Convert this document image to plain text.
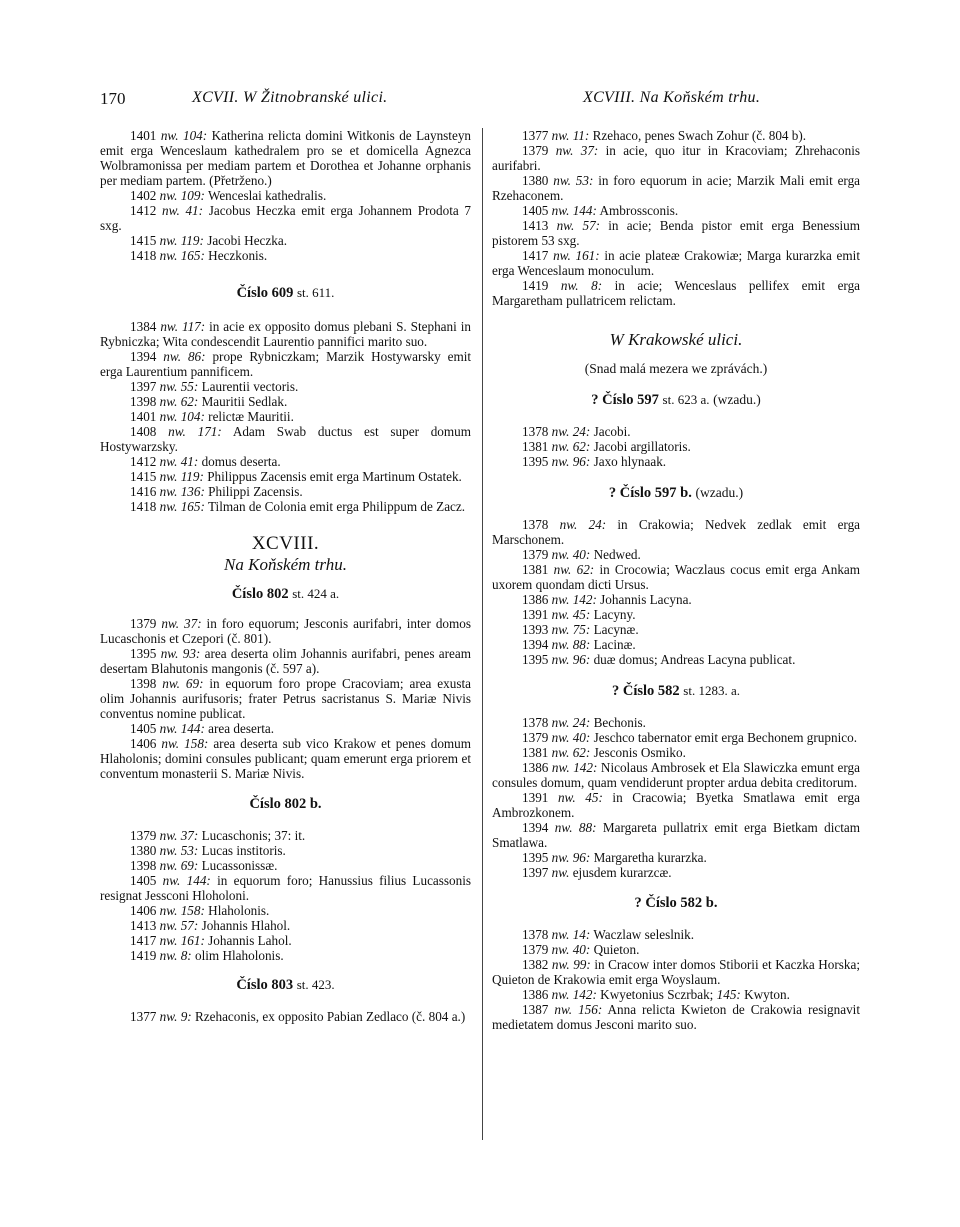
170	XCVII. W Žitnobranské ulici.	XCVIII. Na Koňském trhu.

1401 nw. 104: Katherina relicta domini Witkonis de Laynsteyn emit erga Wenceslaum kathedralem pro se et domicella Agnezca Wolbramonissa per mediam partem et Dorothea et Johanne orphanis per mediam partem. (Přetrženo.)

1402 nw. 109: Wenceslai kathedralis.

1412 nw. 41: Jacobus Heczka emit erga Johannem Prodota 7 sxg.

1415 nw. 119: Jacobi Heczka.

1418 nw. 165: Heczkonis.

Číslo 609 st. 611.

1384 nw. 117: in acie ex opposito domus plebani S. Stephani in Rybniczka; Wita condescendit Laurentio pannifici marito suo.

1394 nw. 86: prope Rybniczkam; Marzik Hostywarsky emit erga Laurentium pannificem.

1397 nw. 55: Laurentii vectoris.

1398 nw. 62: Mauritii Sedlak.

1401 nw. 104: relictæ Mauritii.

1408 nw. 171: Adam Swab ductus est super domum Hostywarzsky.

1412 nw. 41: domus deserta.

1415 nw. 119: Philippus Zacensis emit erga Martinum Ostatek.

1416 nw. 136: Philippi Zacensis.

1418 nw. 165: Tilman de Colonia emit erga Philippum de Zacz.

XCVIII.

Na Koňském trhu.

Číslo 802 st. 424 a.

1379 nw. 37: in foro equorum; Jesconis aurifabri, inter domos Lucaschonis et Czepori (č. 801).

1395 nw. 93: area deserta olim Johannis aurifabri, penes aream desertam Blahutonis mangonis (č. 597 a).

1398 nw. 69: in equorum foro prope Cracoviam; area exusta olim Johannis aurifusoris; frater Petrus sacristanus S. Mariæ Nivis conventus nomine publicat.

1405 nw. 144: area deserta.

1406 nw. 158: area deserta sub vico Krakow et penes domum Hlaholonis; domini consules publicant; quam emerunt erga priorem et conventum monasterii S. Mariæ Nivis.

Číslo 802 b.

1379 nw. 37: Lucaschonis; 37: it.

1380 nw. 53: Lucas institoris.

1398 nw. 69: Lucassonissæ.

1405 nw. 144: in equorum foro; Hanussius filius Lucassonis resignat Jessconi Hloholoni.

1406 nw. 158: Hlaholonis.

1413 nw. 57: Johannis Hlahol.

1417 nw. 161: Johannis Lahol.

1419 nw. 8: olim Hlaholonis.

Číslo 803 st. 423.

1377 nw. 9: Rzehaconis, ex opposito Pabian Zedlaco (č. 804 a.)

1377 nw. 11: Rzehaco, penes Swach Zohur (č. 804 b).

1379 nw. 37: in acie, quo itur in Kracoviam; Zhrehaconis aurifabri.

1380 nw. 53: in foro equorum in acie; Marzik Mali emit erga Rzehaconem.

1405 nw. 144: Ambrossconis.

1413 nw. 57: in acie; Benda pistor emit erga Benessium pistorem 53 sxg.

1417 nw. 161: in acie plateæ Crakowiæ; Marga kurarzka emit erga Wenceslaum monoculum.

1419 nw. 8: in acie; Wenceslaus pellifex emit erga Margaretham pullatricem relictam.

W Krakowské ulici.

(Snad malá mezera we zprávách.)

? Číslo 597 st. 623 a. (wzadu.)

1378 nw. 24: Jacobi.

1381 nw. 62: Jacobi argillatoris.

1395 nw. 96: Jaxo hlynaak.

? Číslo 597 b. (wzadu.)

1378 nw. 24: in Crakowia; Nedvek zedlak emit erga Marschonem.

1379 nw. 40: Nedwed.

1381 nw. 62: in Crocowia; Waczlaus cocus emit erga Ankam uxorem quondam dicti Ursus.

1386 nw. 142: Johannis Lacyna.

1391 nw. 45: Lacyny.

1393 nw. 75: Lacynæ.

1394 nw. 88: Lacinæ.

1395 nw. 96: duæ domus; Andreas Lacyna publicat.

? Číslo 582 st. 1283. a.

1378 nw. 24: Bechonis.

1379 nw. 40: Jeschco tabernator emit erga Bechonem grupnico.

1381 nw. 62: Jesconis Osmiko.

1386 nw. 142: Nicolaus Ambrosek et Ela Slawiczka emunt erga consules domum, quam vendiderunt propter ardua debita creditorum.

1391 nw. 45: in Cracowia; Byetka Smatlawa emit erga Ambrozkonem.

1394 nw. 88: Margareta pullatrix emit erga Bietkam dictam Smatlawa.

1395 nw. 96: Margaretha kurarzka.

1397 nw. ejusdem kurarzcæ.

? Číslo 582 b.

1378 nw. 14: Waczlaw seleslnik.

1379 nw. 40: Quieton.

1382 nw. 99: in Cracow inter domos Stiborii et Kaczka Horska; Quieton de Krakowia emit erga Woyslaum.

1386 nw. 142: Kwyetonius Sczrbak; 145: Kwyton.

1387 nw. 156: Anna relicta Kwieton de Crakowia resignavit medietatem domus Jesconi marito suo.
